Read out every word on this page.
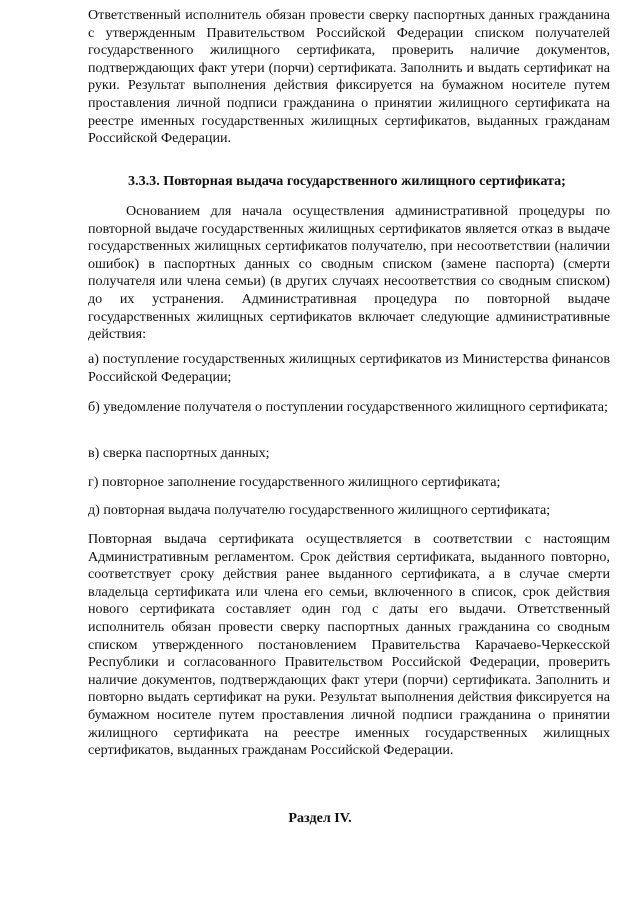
Ответственный исполнитель обязан провести сверку паспортных данных гражданина с утвержденным Правительством Российской Федерации списком получателей государственного жилищного сертификата, проверить наличие документов, подтверждающих факт утери (порчи) сертификата. Заполнить и выдать сертификат на руки. Результат выполнения действия фиксируется на бумажном носителе путем проставления личной подписи гражданина о принятии жилищного сертификата на реестре именных государственных жилищных сертификатов, выданных гражданам Российской Федерации.

3.3.3. Повторная выдача государственного жилищного сертификата;

Основанием для начала осуществления административной процедуры по повторной выдаче государственных жилищных сертификатов является отказ в выдаче государственных жилищных сертификатов получателю, при несоответствии (наличии ошибок) в паспортных данных со сводным списком (замене паспорта) (смерти получателя или члена семьи) (в других случаях несоответствия со сводным списком) до их устранения. Административная процедура по повторной выдаче государственных жилищных сертификатов включает следующие административные действия:

а) поступление государственных жилищных сертификатов из Министерства финансов Российской Федерации;

б) уведомление получателя о поступлении государственного жилищного сертификата;

в) сверка паспортных данных;

г) повторное заполнение государственного жилищного сертификата;

д) повторная выдача получателю государственного жилищного сертификата;

Повторная выдача сертификата осуществляется в соответствии с настоящим Административным регламентом. Срок действия сертификата, выданного повторно, соответствует сроку действия ранее выданного сертификата, а в случае смерти владельца сертификата или члена его семьи, включенного в список, срок действия нового сертификата составляет один год с даты его выдачи. Ответственный исполнитель обязан провести сверку паспортных данных гражданина со сводным списком утвержденного постановлением Правительства Карачаево-Черкесской Республики и согласованного Правительством Российской Федерации, проверить наличие документов, подтверждающих факт утери (порчи) сертификата. Заполнить и повторно выдать сертификат на руки. Результат выполнения действия фиксируется на бумажном носителе путем проставления личной подписи гражданина о принятии жилищного сертификата на реестре именных государственных жилищных сертификатов, выданных гражданам Российской Федерации.

Раздел IV.
